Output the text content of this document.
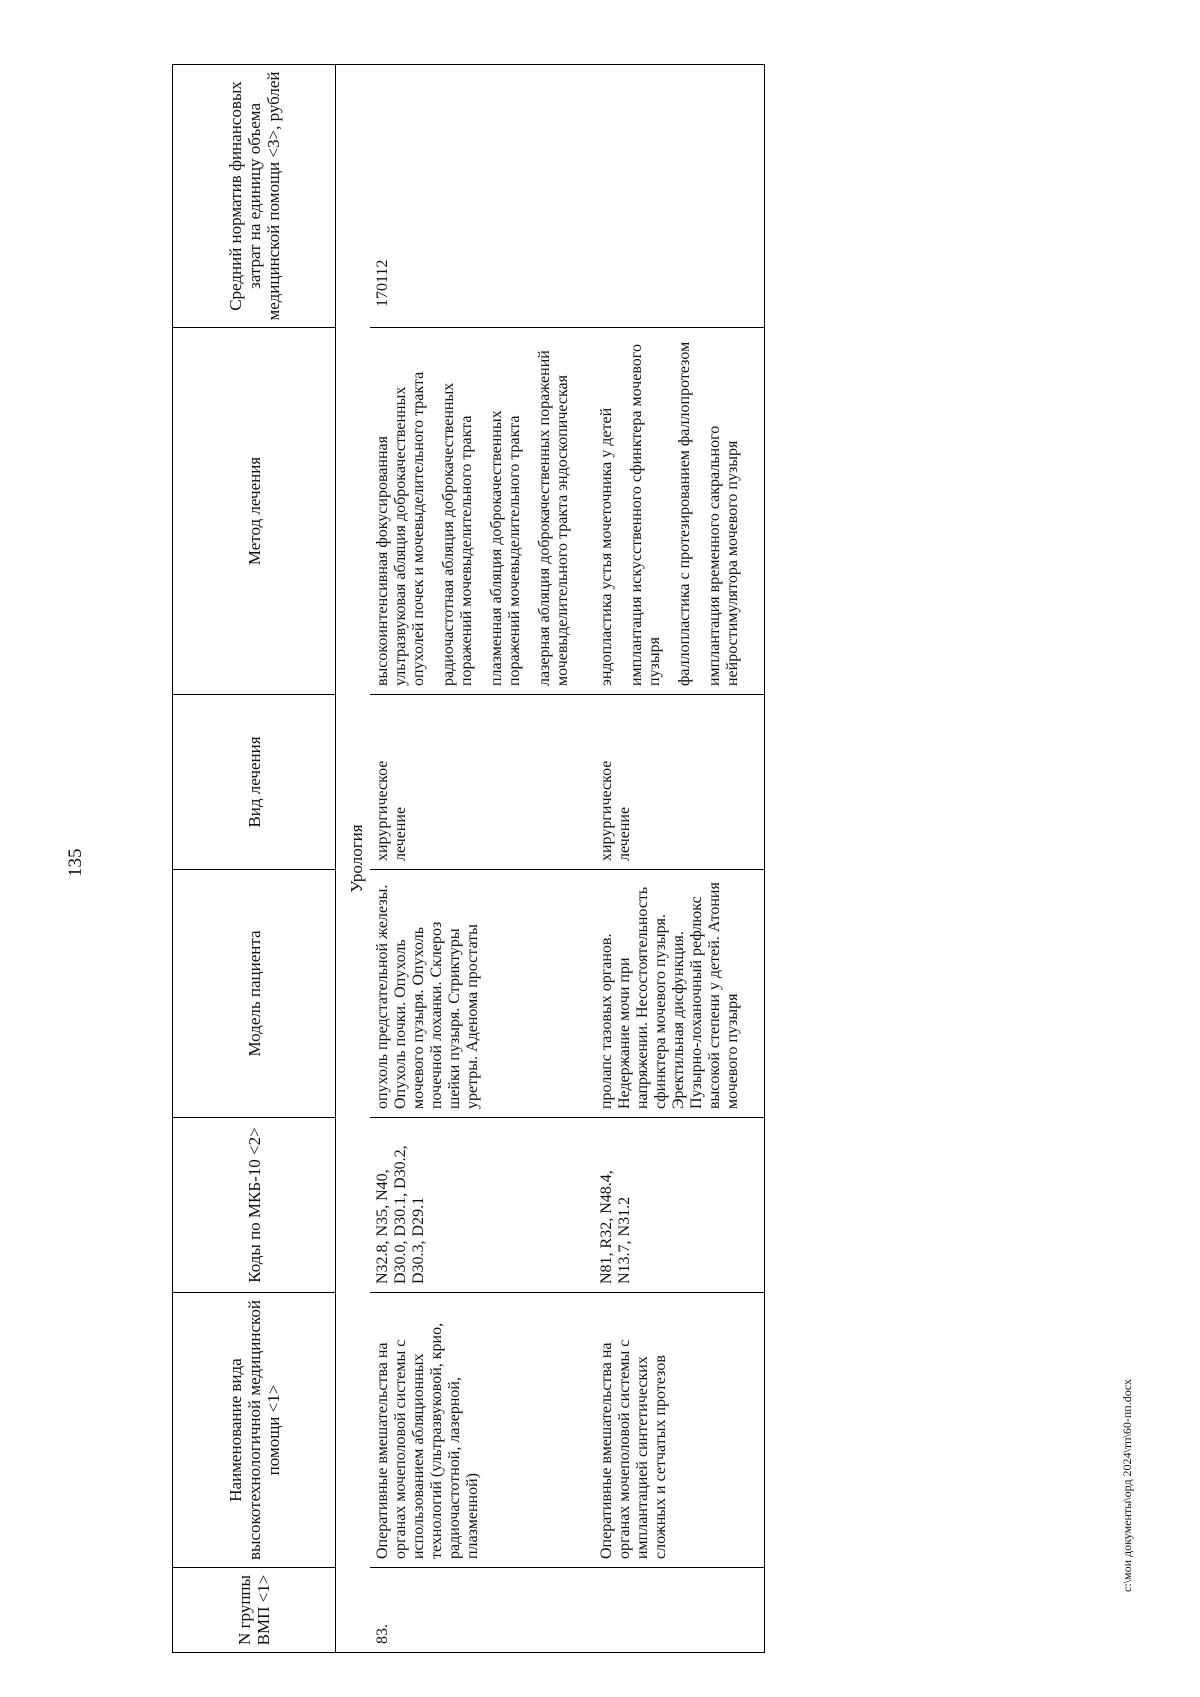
135
N группы ВМП <1>	Наименование вида высокотехнологичной медицинской помощи <1>	Коды по МКБ-10 <2>	Модель пациента	Вид лечения	Метод лечения	Средний норматив финансовых затрат на единицу объема медицинской помощи <3>, рублей
Урология						
83.	Оперативные вмешательства на органах мочеполовой системы с использованием абляционных технологий (ультразвуковой, крио, радиочастотной, лазерной, плазменной)	N32.8, N35, N40, D30.0, D30.1, D30.2, D30.3, D29.1	опухоль предстательной железы. Опухоль почки. Опухоль мочевого пузыря. Опухоль почечной лоханки. Склероз шейки пузыря. Стриктуры уретры. Аденома простаты	хирургическое лечение	высокоинтенсивная фокусированная ультразвуковая абляция доброкачественных опухолей почек и мочевыделительного тракта радиочастотная абляция доброкачественных поражений мочевыделительного тракта плазменная абляция доброкачественных поражений мочевыделительного тракта лазерная абляция доброкачественных поражений мочевыделительного тракта эндоскопическая	170112
	Оперативные вмешательства на органах мочеполовой системы с имплантацией синтетических сложных и сетчатых протезов	N81, R32, N48.4, N13.7, N31.2	пролапс тазовых органов. Недержание мочи при напряжении. Несостоятельность сфинктера мочевого пузыря. Эректильная дисфункция. Пузырно-лоханочный рефлюкс высокой степени у детей. Атония мочевого пузыря	хирургическое лечение	эндопластика устья мочеточника у детей имплантация искусственного сфинктера мочевого пузыря фаллопластика с протезированием фаллопротезом имплантация временного сакрального нейростимулятора мочевого пузыря	

c:\мои документы\орд 2024\тп\60-пп.docx
